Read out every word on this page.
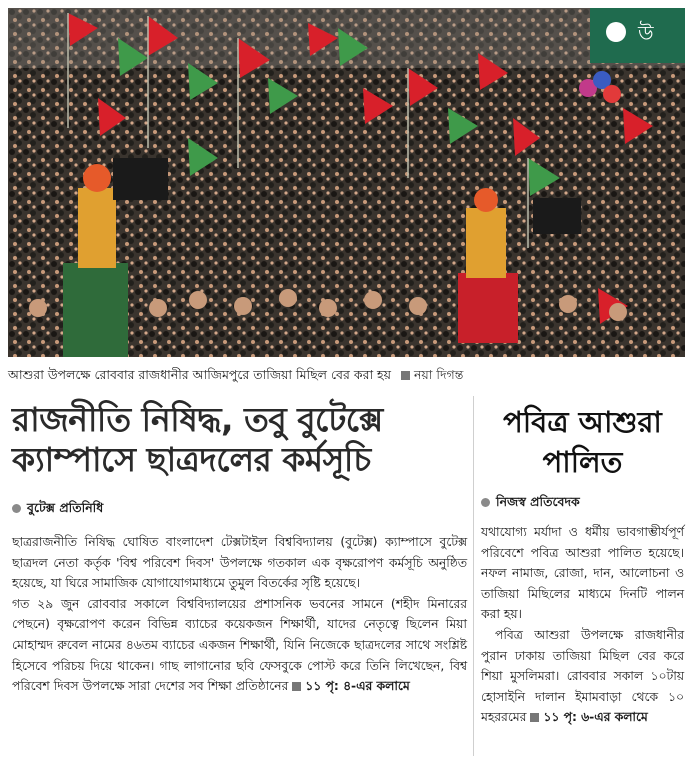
উ
আশুরা উপলক্ষে রোববার রাজধানীর আজিমপুরে তাজিয়া মিছিল বের করা হয় নয়া দিগন্ত
রাজনীতি নিষিদ্ধ, তবু বুটেক্সে
ক্যাম্পাসে ছাত্রদলের কর্মসূচি
বুটেক্স প্রতিনিধি

ছাত্ররাজনীতি নিষিদ্ধ ঘোষিত বাংলাদেশ টেক্সটাইল বিশ্ববিদ্যালয় (বুটেক্স) ক্যাম্পাসে বুটেক্স ছাত্রদল নেতা কর্তৃক 'বিশ্ব পরিবেশ দিবস' উপলক্ষে গতকাল এক বৃক্ষরোপণ কর্মসূচি অনুষ্ঠিত হয়েছে, যা ঘিরে সামাজিক যোগাযোগমাধ্যমে তুমুল বিতর্কের সৃষ্টি হয়েছে।

গত ২৯ জুন রোববার সকালে বিশ্ববিদ্যালয়ের প্রশাসনিক ভবনের সামনে (শহীদ মিনারের পেছনে) বৃক্ষরোপণ করেন বিভিন্ন ব্যাচের কয়েকজন শিক্ষার্থী, যাদের নেতৃত্বে ছিলেন মিয়া মোহাম্মদ রুবেল নামের ৪৬তম ব্যাচের একজন শিক্ষার্থী, যিনি নিজেকে ছাত্রদলের সাথে সংশ্লিষ্ট হিসেবে পরিচয় দিয়ে থাকেন। গাছ লাগানোর ছবি ফেসবুকে পোস্ট করে তিনি লিখেছেন, বিশ্ব পরিবেশ দিবস উপলক্ষে সারা দেশের সব শিক্ষা প্রতিষ্ঠানের ১১ পৃ: ৪-এর কলামে

পবিত্র আশুরা
পালিত
নিজস্ব প্রতিবেদক

যথাযোগ্য মর্যাদা ও ধর্মীয় ভাবগাম্ভীর্যপূর্ণ পরিবেশে পবিত্র আশুরা পালিত হয়েছে। নফল নামাজ, রোজা, দান, আলোচনা ও তাজিয়া মিছিলের মাধ্যমে দিনটি পালন করা হয়।

পবিত্র আশুরা উপলক্ষে রাজধানীর পুরান ঢাকায় তাজিয়া মিছিল বের করে শিয়া মুসলিমরা। রোববার সকাল ১০টায় হোসাইনি দালান ইমামবাড়া থেকে ১০ মহররমের ১১ পৃ: ৬-এর কলামে
